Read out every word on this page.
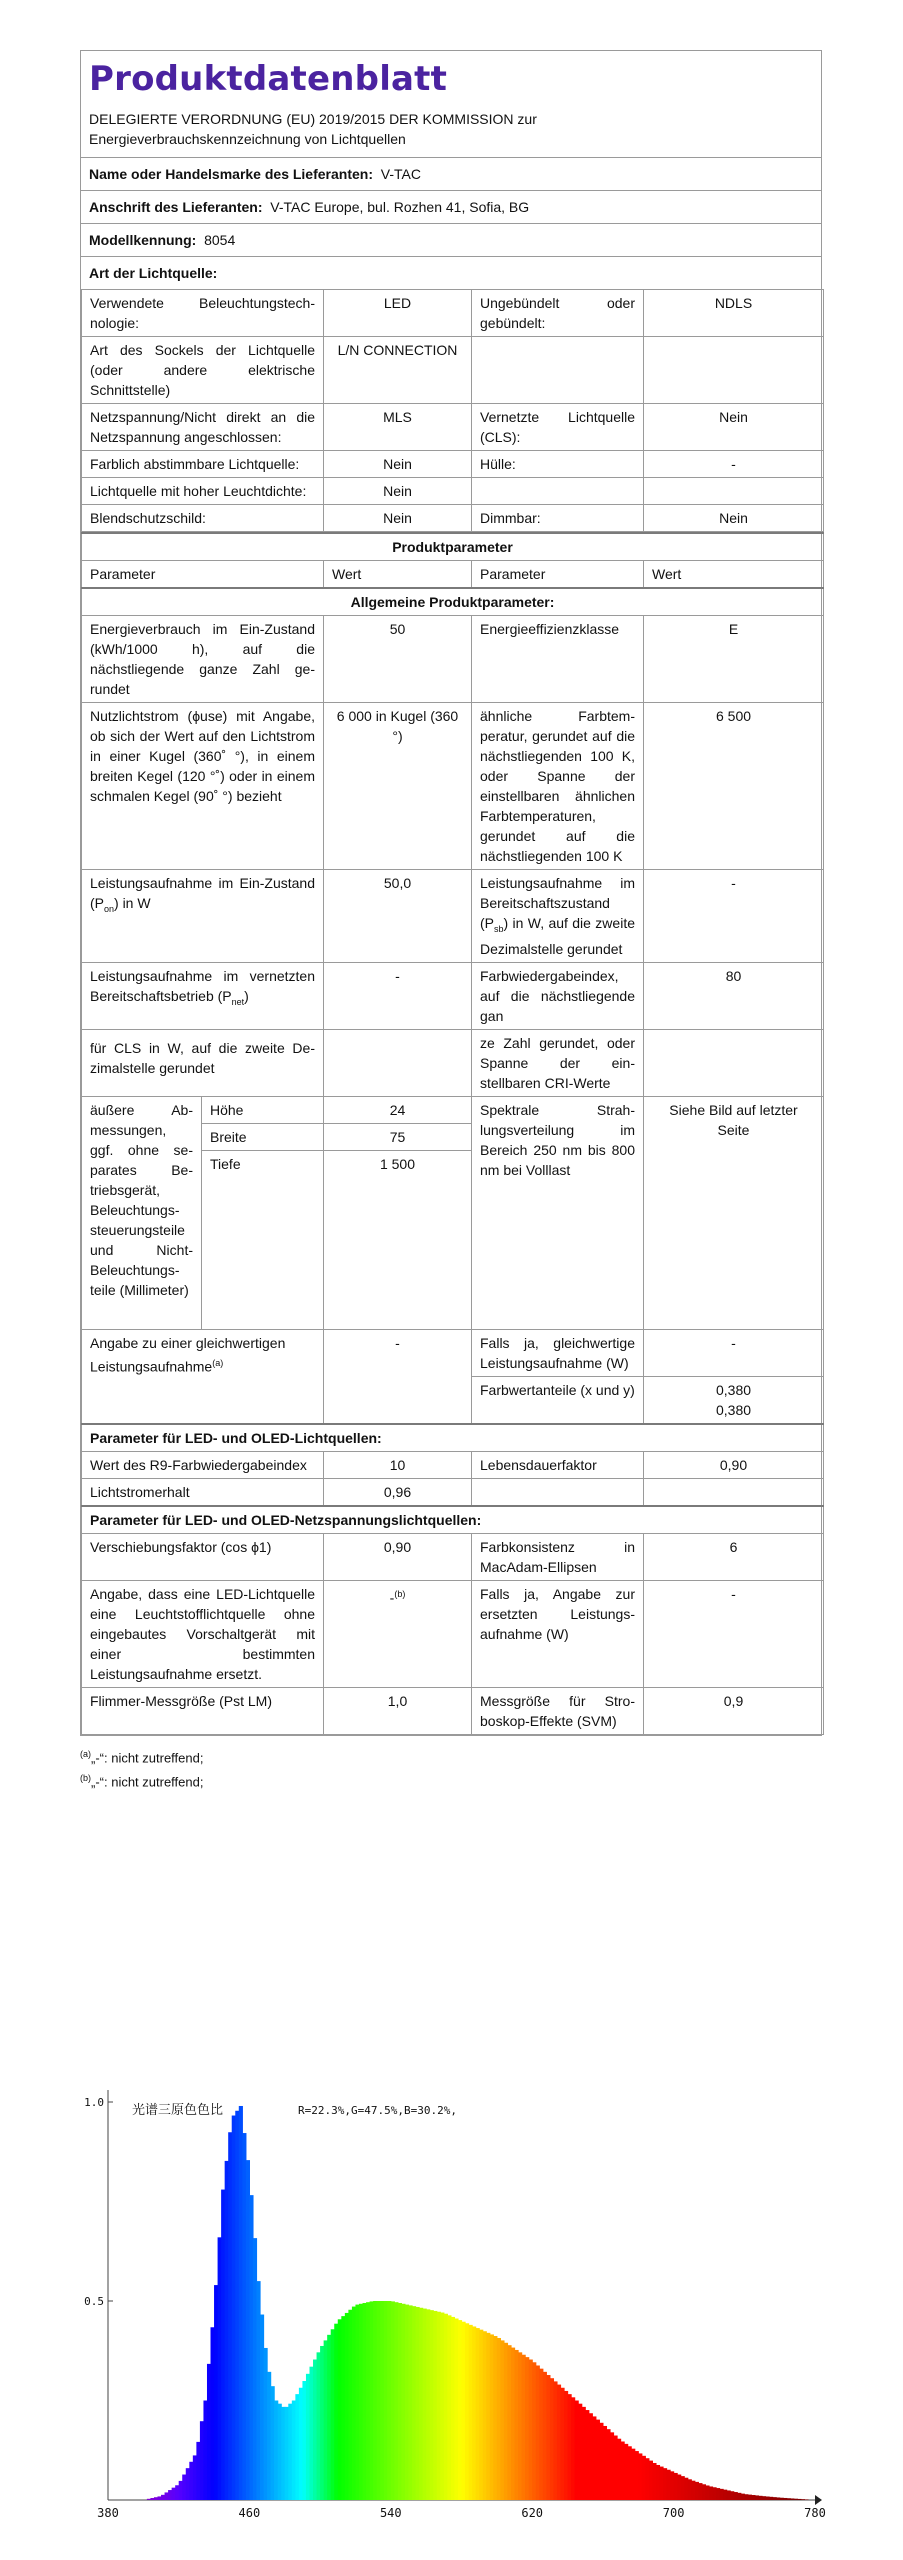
Produktdatenblatt
DELEGIERTE VERORDNUNG (EU) 2019/2015 DER KOMMISSION zur
Energieverbrauchskennzeichnung von Lichtquellen
Name oder Handelsmarke des Lieferanten: V-TAC
Anschrift des Lieferanten: V-TAC Europe, bul. Rozhen 41, Sofia, BG
Modellkennung: 8054
Art der Lichtquelle:
Verwendete Beleuchtungstechnologie:	LED	Ungebündelt oder gebündelt:	NDLS
Art des Sockels der Lichtquelle (oder andere elektrische Schnittstelle)	L/N CONNECTION		
Netzspannung/Nicht direkt an die Netzspannung angeschlossen:	MLS	Vernetzte Lichtquelle (CLS):	Nein
Farblich abstimmbare Lichtquelle:	Nein	Hülle:	-
Lichtquelle mit hoher Leuchtdichte:	Nein		
Blendschutzschild:	Nein	Dimmbar:	Nein
Produktparameter				
Parameter		Wert	Parameter	Wert
Allgemeine Produktparameter:				
Energieverbrauch im Ein-Zustand (kWh/1000 h), auf die nächstliegende ganze Zahl gerundet		50	Energieeffizienzklasse	E
Nutzlichtstrom (ϕuse) mit Angabe, ob sich der Wert auf den Lichtstrom in einer Kugel (360˚ °), in einem breiten Kegel (120 °˚) oder in einem schmalen Kegel (90˚ °) bezieht		6 000 in Kugel (360 °)	ähnliche Farbtemperatur, gerundet auf die nächstliegenden 100 K, oder Spanne der einstellbaren ähnlichen Farbtemperaturen, gerundet auf die nächstliegenden 100 K	6 500
Leistungsaufnahme im Ein-Zustand $(P_{on})$ in W		50,0	Leistungsaufnahme im Bereitschaftszustand $(P_{sb})$ in W, auf die zweite Dezimalstelle gerundet	-
Leistungsaufnahme im vernetzten Bereitschaftsbetrieb $(P_{net})$		-	Farbwiedergabeindex, auf die nächstliegende gan	80
für CLS in W, auf die zweite Dezimalstelle gerundet			ze Zahl gerundet, oder Spanne der einstellbaren CRI-Werte	
äußere Abmessungen, ggf. ohne separates Betriebsgerät, Beleuchtungssteuerungsteile und Nicht-Beleuchtungsteile (Millimeter)	Höhe	24	Spektrale Strahlungsverteilung im Bereich 250 nm bis 800 nm bei Volllast	Siehe Bild auf letzter Seite
	Breite	75		
	Tiefe	1 500		
Angabe zu einer gleichwertigen Leistungsaufnahme$^{(a)}$		-	Falls ja, gleichwertige Leistungsaufnahme (W)	-
			Farbwertanteile (x und y)	0,380
0,380

Parameter für LED- und OLED-Lichtquellen:				
Wert des R9-Farbwiedergabeindex		10	Lebensdauerfaktor	0,90
Lichtstromerhalt		0,96		
Parameter für LED- und OLED-Netzspannungslichtquellen:				
Verschiebungsfaktor (cos ϕ1)		0,90	Farbkonsistenz in MacAdam-Ellipsen	6
Angabe, dass eine LED-Lichtquelle eine Leuchtstofflichtquelle ohne eingebautes Vorschaltgerät mit einer bestimmten Leistungsaufnahme ersetzt.		-$^{(b)}$	Falls ja, Angabe zur ersetzten Leistungsaufnahme (W)	-
Flimmer-Messgröße (Pst LM)		1,0	Messgröße für Stroboskop-Effekte (SVM)	0,9
$^{(a)}$„-“: nicht zutreffend;
$^{(b)}$„-“: nicht zutreffend;
光谱三原色色比	R=22.3%,G=47.5%,B=30.2%,
380	460	540	620	700	780
1.0
0.5
